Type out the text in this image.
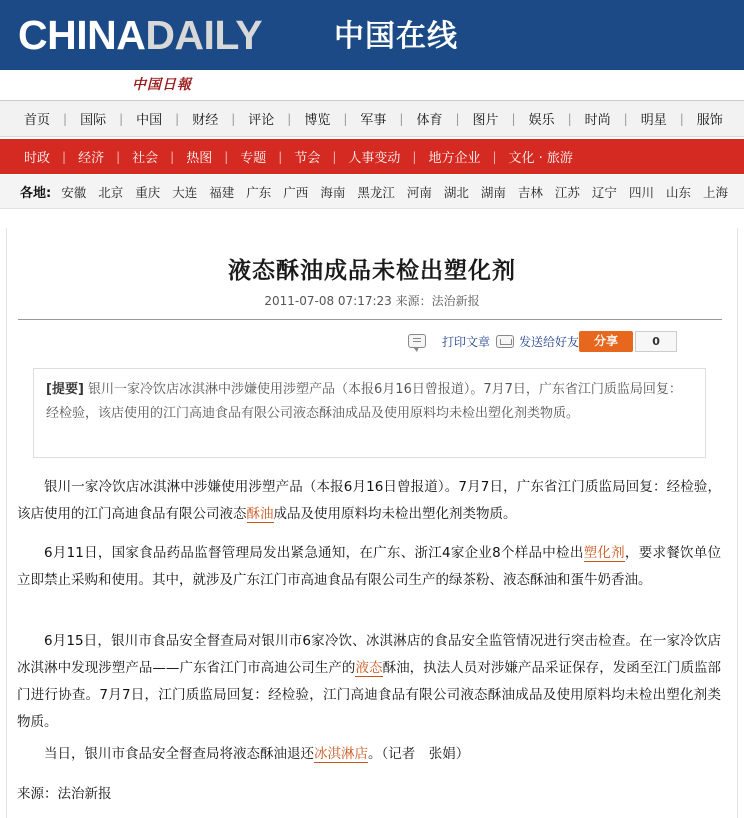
CHINADAILY 中国在线
中国日報
首页 | 国际 | 中国 | 财经 | 评论 | 博览 | 军事 | 体育 | 图片 | 娱乐 | 时尚 | 明星 | 服饰
时政 | 经济 | 社会 | 热图 | 专题 | 节会 | 人事变动 | 地方企业 | 文化 · 旅游
各地: 安徽 北京 重庆 大连 福建 广东 广西 海南 黑龙江 河南 湖北 湖南 吉林 江苏 辽宁 四川 山东 上海
液态酥油成品未检出塑化剂
2011-07-08 07:17:23 来源：法治新报
打印文章 发送给好友	分享	0
[提要] 银川一家冷饮店冰淇淋中涉嫌使用涉塑产品（本报6月16日曾报道）。7月7日，广东省江门质监局回复：经检验，该店使用的江门高迪食品有限公司液态酥油成品及使用原料均未检出塑化剂类物质。

银川一家冷饮店冰淇淋中涉嫌使用涉塑产品（本报6月16日曾报道）。7月7日，广东省江门质监局回复：经检验，该店使用的江门高迪食品有限公司液态酥油成品及使用原料均未检出塑化剂类物质。

6月11日，国家食品药品监督管理局发出紧急通知，在广东、浙江4家企业8个样品中检出塑化剂，要求餐饮单位立即禁止采购和使用。其中，就涉及广东江门市高迪食品有限公司生产的绿茶粉、液态酥油和蛋牛奶香油。

6月15日，银川市食品安全督查局对银川市6家冷饮、冰淇淋店的食品安全监管情况进行突击检查。在一家冷饮店冰淇淋中发现涉塑产品——广东省江门市高迪公司生产的液态酥油，执法人员对涉嫌产品采证保存，发函至江门质监部门进行协查。7月7日，江门质监局回复：经检验，江门高迪食品有限公司液态酥油成品及使用原料均未检出塑化剂类物质。

当日，银川市食品安全督查局将液态酥油退还冰淇淋店。（记者　张娟）

来源：法治新报
